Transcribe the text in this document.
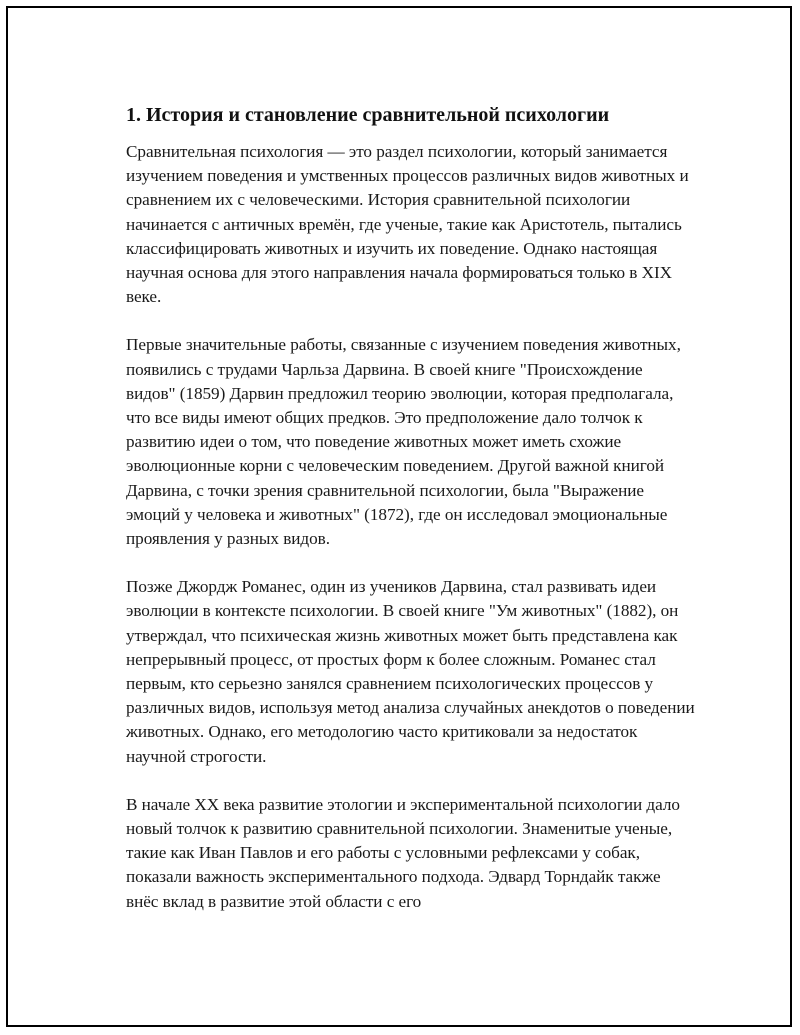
1. История и становление сравнительной психологии

Сравнительная психология — это раздел психологии, который занимается изучением поведения и умственных процессов различных видов животных и сравнением их с человеческими. История сравнительной психологии начинается с античных времён, где ученые, такие как Аристотель, пытались классифицировать животных и изучить их поведение. Однако настоящая научная основа для этого направления начала формироваться только в XIX веке.

Первые значительные работы, связанные с изучением поведения животных, появились с трудами Чарльза Дарвина. В своей книге "Происхождение видов" (1859) Дарвин предложил теорию эволюции, которая предполагала, что все виды имеют общих предков. Это предположение дало толчок к развитию идеи о том, что поведение животных может иметь схожие эволюционные корни с человеческим поведением. Другой важной книгой Дарвина, с точки зрения сравнительной психологии, была "Выражение эмоций у человека и животных" (1872), где он исследовал эмоциональные проявления у разных видов.

Позже Джордж Романес, один из учеников Дарвина, стал развивать идеи эволюции в контексте психологии. В своей книге "Ум животных" (1882), он утверждал, что психическая жизнь животных может быть представлена как непрерывный процесс, от простых форм к более сложным. Романес стал первым, кто серьезно занялся сравнением психологических процессов у различных видов, используя метод анализа случайных анекдотов о поведении животных. Однако, его методологию часто критиковали за недостаток научной строгости.

В начале XX века развитие этологии и экспериментальной психологии дало новый толчок к развитию сравнительной психологии. Знаменитые ученые, такие как Иван Павлов и его работы с условными рефлексами у собак, показали важность экспериментального подхода. Эдвард Торндайк также внёс вклад в развитие этой области с его
